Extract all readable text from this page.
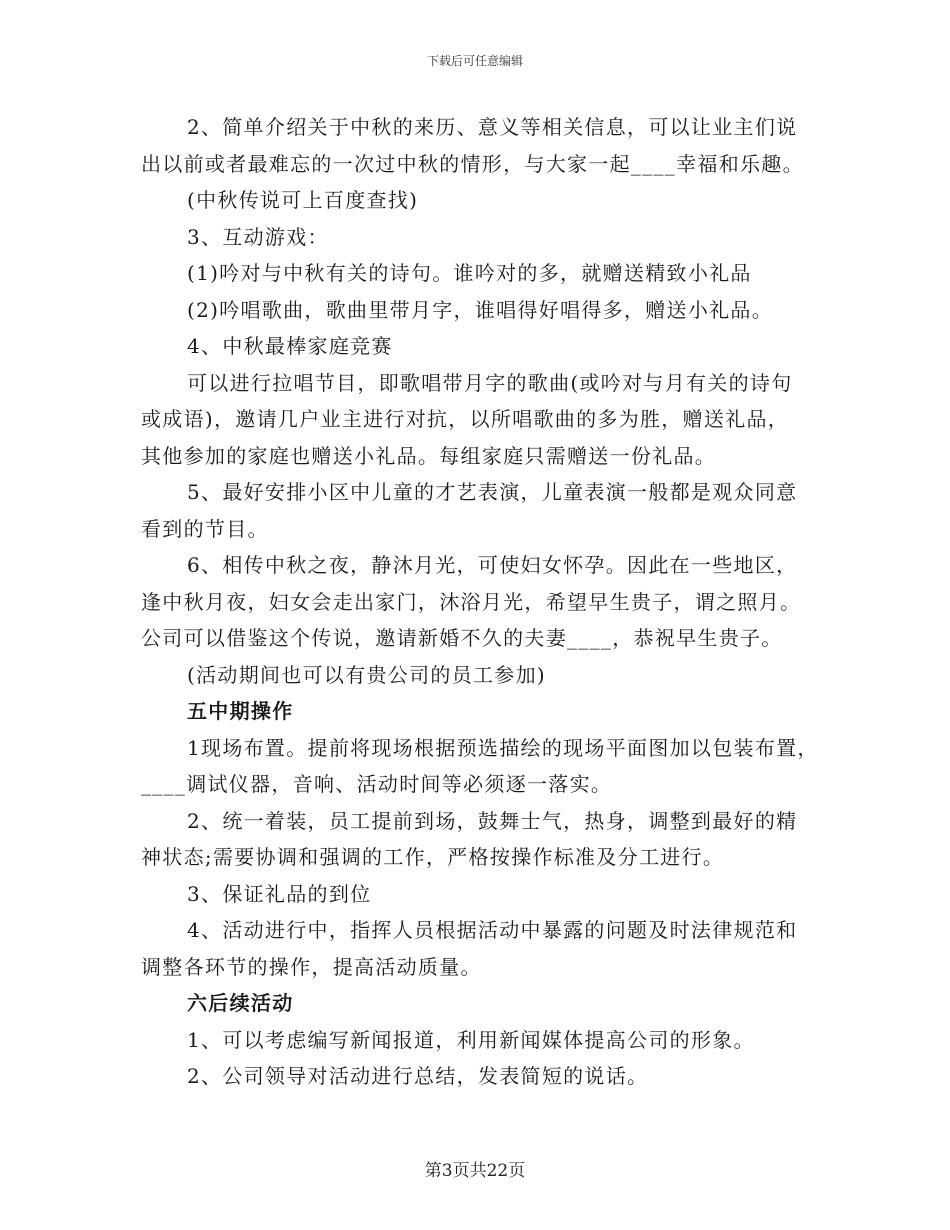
下载后可任意编辑

2、简单介绍关于中秋的来历、意义等相关信息，可以让业主们说

出以前或者最难忘的一次过中秋的情形，与大家一起____幸福和乐趣。

(中秋传说可上百度查找)

3、互动游戏：

(1)吟对与中秋有关的诗句。谁吟对的多，就赠送精致小礼品

(2)吟唱歌曲，歌曲里带月字，谁唱得好唱得多，赠送小礼品。

4、中秋最棒家庭竞赛

可以进行拉唱节目，即歌唱带月字的歌曲(或吟对与月有关的诗句

或成语)，邀请几户业主进行对抗，以所唱歌曲的多为胜，赠送礼品，

其他参加的家庭也赠送小礼品。每组家庭只需赠送一份礼品。

5、最好安排小区中儿童的才艺表演，儿童表演一般都是观众同意

看到的节目。

6、相传中秋之夜，静沐月光，可使妇女怀孕。因此在一些地区，

逢中秋月夜，妇女会走出家门，沐浴月光，希望早生贵子，谓之照月。

公司可以借鉴这个传说，邀请新婚不久的夫妻____，恭祝早生贵子。

(活动期间也可以有贵公司的员工参加)

五中期操作

1现场布置。提前将现场根据预选描绘的现场平面图加以包装布置，

____调试仪器，音响、活动时间等必须逐一落实。

2、统一着装，员工提前到场，鼓舞士气，热身，调整到最好的精

神状态;需要协调和强调的工作，严格按操作标准及分工进行。

3、保证礼品的到位

4、活动进行中，指挥人员根据活动中暴露的问题及时法律规范和

调整各环节的操作，提高活动质量。

六后续活动

1、可以考虑编写新闻报道，利用新闻媒体提高公司的形象。

2、公司领导对活动进行总结，发表简短的说话。

第3页共22页
